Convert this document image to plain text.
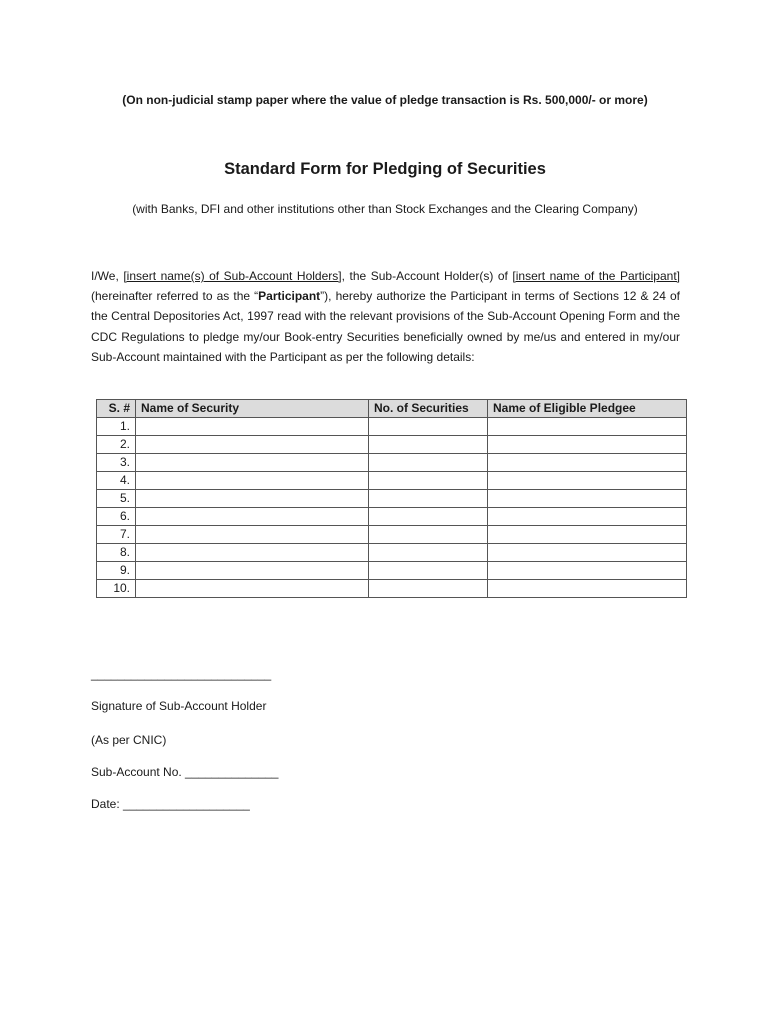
(On non-judicial stamp paper where the value of pledge transaction is Rs. 500,000/- or more)
Standard Form for Pledging of Securities
(with Banks, DFI and other institutions other than Stock Exchanges and the Clearing Company)
I/We, [insert name(s) of Sub-Account Holders], the Sub-Account Holder(s) of [insert name of the Participant] (hereinafter referred to as the “Participant”), hereby authorize the Participant in terms of Sections 12 & 24 of the Central Depositories Act, 1997 read with the relevant provisions of the Sub-Account Opening Form and the CDC Regulations to pledge my/our Book-entry Securities beneficially owned by me/us and entered in my/our Sub-Account maintained with the Participant as per the following details:
S. #	Name of Security	No. of Securities	Name of Eligible Pledgee
1.			
2.			
3.			
4.			
5.			
6.			
7.			
8.			
9.			
10.			
___________________________
Signature of Sub-Account Holder
(As per CNIC)
Sub-Account No. ______________
Date: ___________________
